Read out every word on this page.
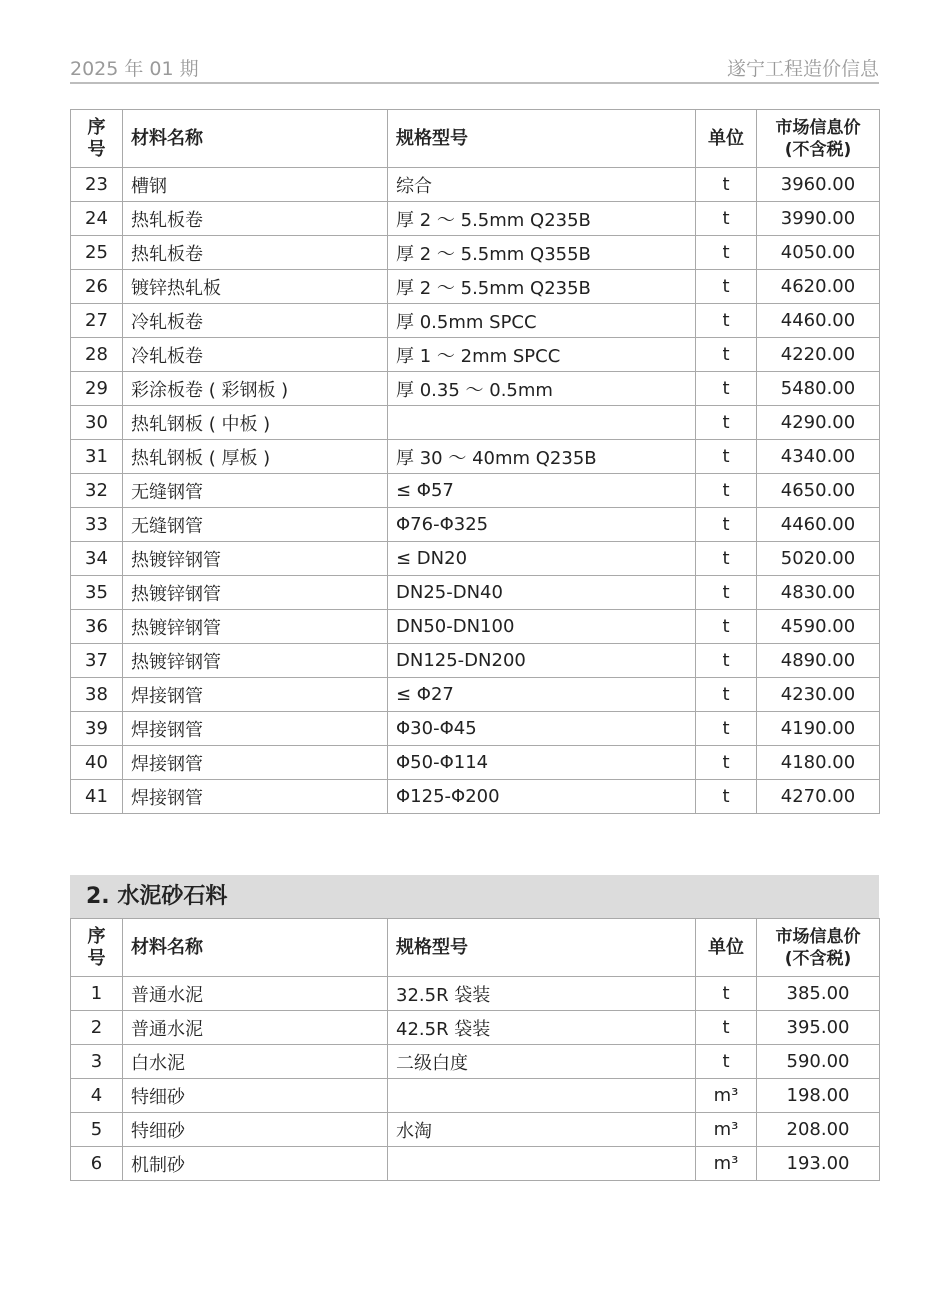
2025 年 01 期	遂宁工程造价信息
序
号	材料名称	规格型号	单位	市场信息价
(不含税)
23	槽钢	综合	t	3960.00
24	热轧板卷	厚 2 ～ 5.5mm Q235B	t	3990.00
25	热轧板卷	厚 2 ～ 5.5mm Q355B	t	4050.00
26	镀锌热轧板	厚 2 ～ 5.5mm Q235B	t	4620.00
27	冷轧板卷	厚 0.5mm SPCC	t	4460.00
28	冷轧板卷	厚 1 ～ 2mm SPCC	t	4220.00
29	彩涂板卷 ( 彩钢板 )	厚 0.35 ～ 0.5mm	t	5480.00
30	热轧钢板 ( 中板 )		t	4290.00
31	热轧钢板 ( 厚板 )	厚 30 ～ 40mm Q235B	t	4340.00
32	无缝钢管	≤ Φ57	t	4650.00
33	无缝钢管	Φ76-Φ325	t	4460.00
34	热镀锌钢管	≤ DN20	t	5020.00
35	热镀锌钢管	DN25-DN40	t	4830.00
36	热镀锌钢管	DN50-DN100	t	4590.00
37	热镀锌钢管	DN125-DN200	t	4890.00
38	焊接钢管	≤ Φ27	t	4230.00
39	焊接钢管	Φ30-Φ45	t	4190.00
40	焊接钢管	Φ50-Φ114	t	4180.00
41	焊接钢管	Φ125-Φ200	t	4270.00
2. 水泥砂石料
序
号	材料名称	规格型号	单位	市场信息价
(不含税)
1	普通水泥	32.5R 袋装	t	385.00
2	普通水泥	42.5R 袋装	t	395.00
3	白水泥	二级白度	t	590.00
4	特细砂		m³	198.00
5	特细砂	水淘	m³	208.00
6	机制砂		m³	193.00
